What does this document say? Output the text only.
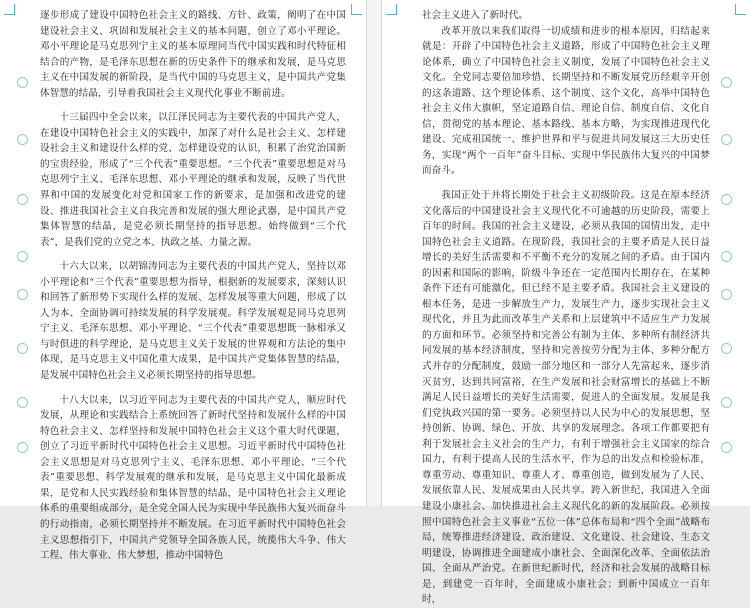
逐步形成了建设中国特色社会主义的路线、方针、政策，阐明了在中国建设社会主义、巩固和发展社会主义的基本问题，创立了邓小平理论。邓小平理论是马克思列宁主义的基本原理同当代中国实践和时代特征相结合的产物，是毛泽东思想在新的历史条件下的继承和发展，是马克思主义在中国发展的新阶段，是当代中国的马克思主义，是中国共产党集体智慧的结晶，引导着我国社会主义现代化事业不断前进。

十三届四中全会以来，以江泽民同志为主要代表的中国共产党人，在建设中国特色社会主义的实践中，加深了对什么是社会主义、怎样建设社会主义和建设什么样的党、怎样建设党的认识，积累了治党治国新的宝贵经验，形成了“三个代表”重要思想。“三个代表”重要思想是对马克思列宁主义、毛泽东思想、邓小平理论的继承和发展，反映了当代世界和中国的发展变化对党和国家工作的新要求，是加强和改进党的建设、推进我国社会主义自我完善和发展的强大理论武器，是中国共产党集体智慧的结晶，是党必须长期坚持的指导思想。始终做到“三个代表”，是我们党的立党之本、执政之基、力量之源。

十六大以来，以胡锦涛同志为主要代表的中国共产党人，坚持以邓小平理论和“三个代表”重要思想为指导，根据新的发展要求，深刻认识和回答了新形势下实现什么样的发展、怎样发展等重大问题，形成了以人为本、全面协调可持续发展的科学发展观。科学发展观是同马克思列宁主义、毛泽东思想、邓小平理论、“三个代表”重要思想既一脉相承又与时俱进的科学理论，是马克思主义关于发展的世界观和方法论的集中体现，是马克思主义中国化重大成果，是中国共产党集体智慧的结晶，是发展中国特色社会主义必须长期坚持的指导思想。

十八大以来，以习近平同志为主要代表的中国共产党人，顺应时代发展，从理论和实践结合上系统回答了新时代坚持和发展什么样的中国特色社会主义、怎样坚持和发展中国特色社会主义这个重大时代课题，创立了习近平新时代中国特色社会主义思想。习近平新时代中国特色社会主义思想是对马克思列宁主义、毛泽东思想、邓小平理论、“三个代表”重要思想、科学发展观的继承和发展，是马克思主义中国化最新成果，是党和人民实践经验和集体智慧的结晶，是中国特色社会主义理论体系的重要组成部分，是全党全国人民为实现中华民族伟大复兴而奋斗的行动指南，必须长期坚持并不断发展。在习近平新时代中国特色社会主义思想指引下，中国共产党领导全国各族人民，统揽伟大斗争、伟大工程、伟大事业、伟大梦想，推动中国特色

社会主义进入了新时代。

改革开放以来我们取得一切成绩和进步的根本原因，归结起来就是：开辟了中国特色社会主义道路，形成了中国特色社会主义理论体系，确立了中国特色社会主义制度，发展了中国特色社会主义文化。全党同志要倍加珍惜、长期坚持和不断发展党历经艰辛开创的这条道路、这个理论体系、这个制度、这个文化，高举中国特色社会主义伟大旗帜，坚定道路自信、理论自信、制度自信、文化自信，贯彻党的基本理论、基本路线、基本方略，为实现推进现代化建设、完成祖国统一、维护世界和平与促进共同发展这三大历史任务，实现“两个一百年”奋斗目标、实现中华民族伟大复兴的中国梦而奋斗。

我国正处于并将长期处于社会主义初级阶段。这是在原本经济文化落后的中国建设社会主义现代化不可逾越的历史阶段，需要上百年的时间。我国的社会主义建设，必须从我国的国情出发，走中国特色社会主义道路。在现阶段，我国社会的主要矛盾是人民日益增长的美好生活需要和不平衡不充分的发展之间的矛盾。由于国内的因素和国际的影响，阶级斗争还在一定范围内长期存在，在某种条件下还有可能激化，但已经不是主要矛盾。我国社会主义建设的根本任务，是进一步解放生产力，发展生产力，逐步实现社会主义现代化，并且为此而改革生产关系和上层建筑中不适应生产力发展的方面和环节。必须坚持和完善公有制为主体、多种所有制经济共同发展的基本经济制度，坚持和完善按劳分配为主体、多种分配方式并存的分配制度，鼓励一部分地区和一部分人先富起来，逐步消灭贫穷，达到共同富裕，在生产发展和社会财富增长的基础上不断满足人民日益增长的美好生活需要，促进人的全面发展。发展是我们党执政兴国的第一要务。必须坚持以人民为中心的发展思想，坚持创新、协调、绿色、开放、共享的发展理念。各项工作都要把有利于发展社会主义社会的生产力，有利于增强社会主义国家的综合国力，有利于提高人民的生活水平，作为总的出发点和检验标准，尊重劳动、尊重知识、尊重人才、尊重创造，做到发展为了人民、发展依靠人民、发展成果由人民共享。跨入新世纪，我国进入全面建设小康社会、加快推进社会主义现代化的新的发展阶段。必须按照中国特色社会主义事业“五位一体”总体布局和“四个全面”战略布局，统筹推进经济建设、政治建设、文化建设、社会建设、生态文明建设，协调推进全面建成小康社会、全面深化改革、全面依法治国、全面从严治党。在新世纪新时代，经济和社会发展的战略目标是，到建党一百年时，全面建成小康社会；到新中国成立一百年时，
